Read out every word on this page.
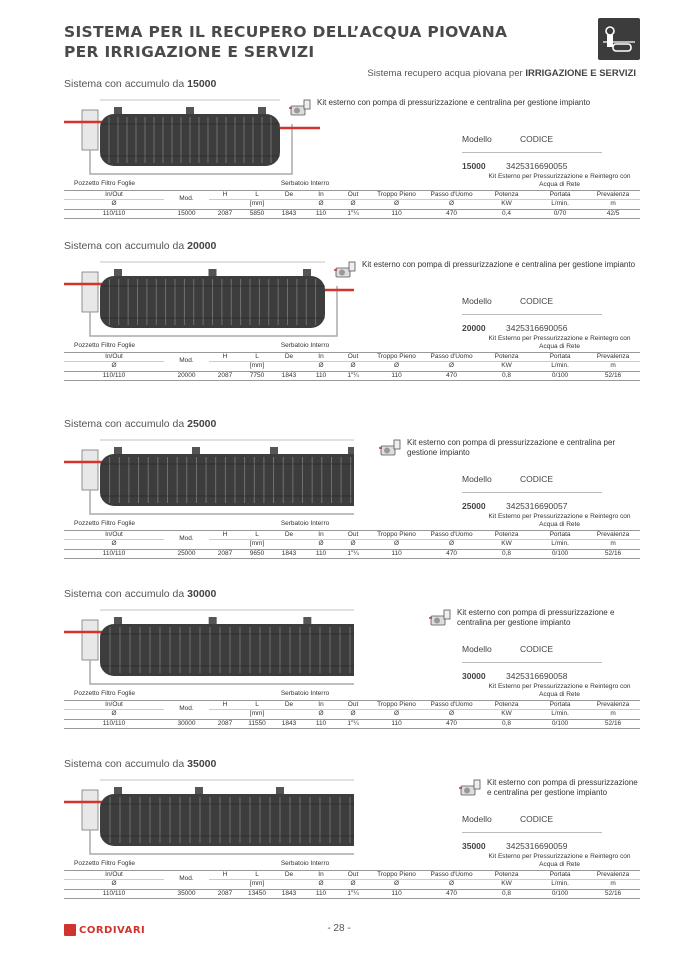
SISTEMA PER IL RECUPERO DELL’ACQUA PIOVANA PER IRRIGAZIONE E SERVIZI
Sistema recupero acqua piovana per IRRIGAZIONE E SERVIZI
Sistema con accumulo da 15000
Kit esterno con pompa di pressurizzazione e centralina per gestione impianto
Modello	CODICE
15000	3425316690055
Pozzetto Filtro Foglie			Serbatoio Interro						Kit Esterno per Pressurizzazione e Reintegro con Acqua di Rete		
In/Out	Mod.	H	L	De	In	Out	Troppo Pieno	Passo d'Uomo	Potenza	Portata	Prevalenza
Ø			[mm]		Ø	Ø	Ø	Ø	KW	L/min.	m
110/110	15000	2087	5850	1843	110	1"¼	110	470	0,4	0/70	42/5
Sistema con accumulo da 20000
Kit esterno con pompa di pressurizzazione e centralina per gestione impianto
Modello	CODICE
20000	3425316690056
Pozzetto Filtro Foglie			Serbatoio Interro						Kit Esterno per Pressurizzazione e Reintegro con Acqua di Rete		
In/Out	Mod.	H	L	De	In	Out	Troppo Pieno	Passo d'Uomo	Potenza	Portata	Prevalenza
Ø			[mm]		Ø	Ø	Ø	Ø	KW	L/min.	m
110/110	20000	2087	7750	1843	110	1"¼	110	470	0,8	0/100	52/16
Sistema con accumulo da 25000
Kit esterno con pompa di pressurizzazione e centralina per gestione impianto
Modello	CODICE
25000	3425316690057
Pozzetto Filtro Foglie			Serbatoio Interro						Kit Esterno per Pressurizzazione e Reintegro con Acqua di Rete		
In/Out	Mod.	H	L	De	In	Out	Troppo Pieno	Passo d'Uomo	Potenza	Portata	Prevalenza
Ø			[mm]		Ø	Ø	Ø	Ø	KW	L/min.	m
110/110	25000	2087	9650	1843	110	1"¼	110	470	0,8	0/100	52/16
Sistema con accumulo da 30000
Kit esterno con pompa di pressurizzazione e centralina per gestione impianto
Modello	CODICE
30000	3425316690058
Pozzetto Filtro Foglie			Serbatoio Interro						Kit Esterno per Pressurizzazione e Reintegro con Acqua di Rete		
In/Out	Mod.	H	L	De	In	Out	Troppo Pieno	Passo d'Uomo	Potenza	Portata	Prevalenza
Ø			[mm]		Ø	Ø	Ø	Ø	KW	L/min.	m
110/110	30000	2087	11550	1843	110	1"¼	110	470	0,8	0/100	52/16
Sistema con accumulo da 35000
Kit esterno con pompa di pressurizzazione e centralina per gestione impianto
Modello	CODICE
35000	3425316690059
Pozzetto Filtro Foglie			Serbatoio Interro						Kit Esterno per Pressurizzazione e Reintegro con Acqua di Rete		
In/Out	Mod.	H	L	De	In	Out	Troppo Pieno	Passo d'Uomo	Potenza	Portata	Prevalenza
Ø			[mm]		Ø	Ø	Ø	Ø	KW	L/min.	m
110/110	35000	2087	13450	1843	110	1"¼	110	470	0,8	0/100	52/16
CORDIVARI	- 28 -
